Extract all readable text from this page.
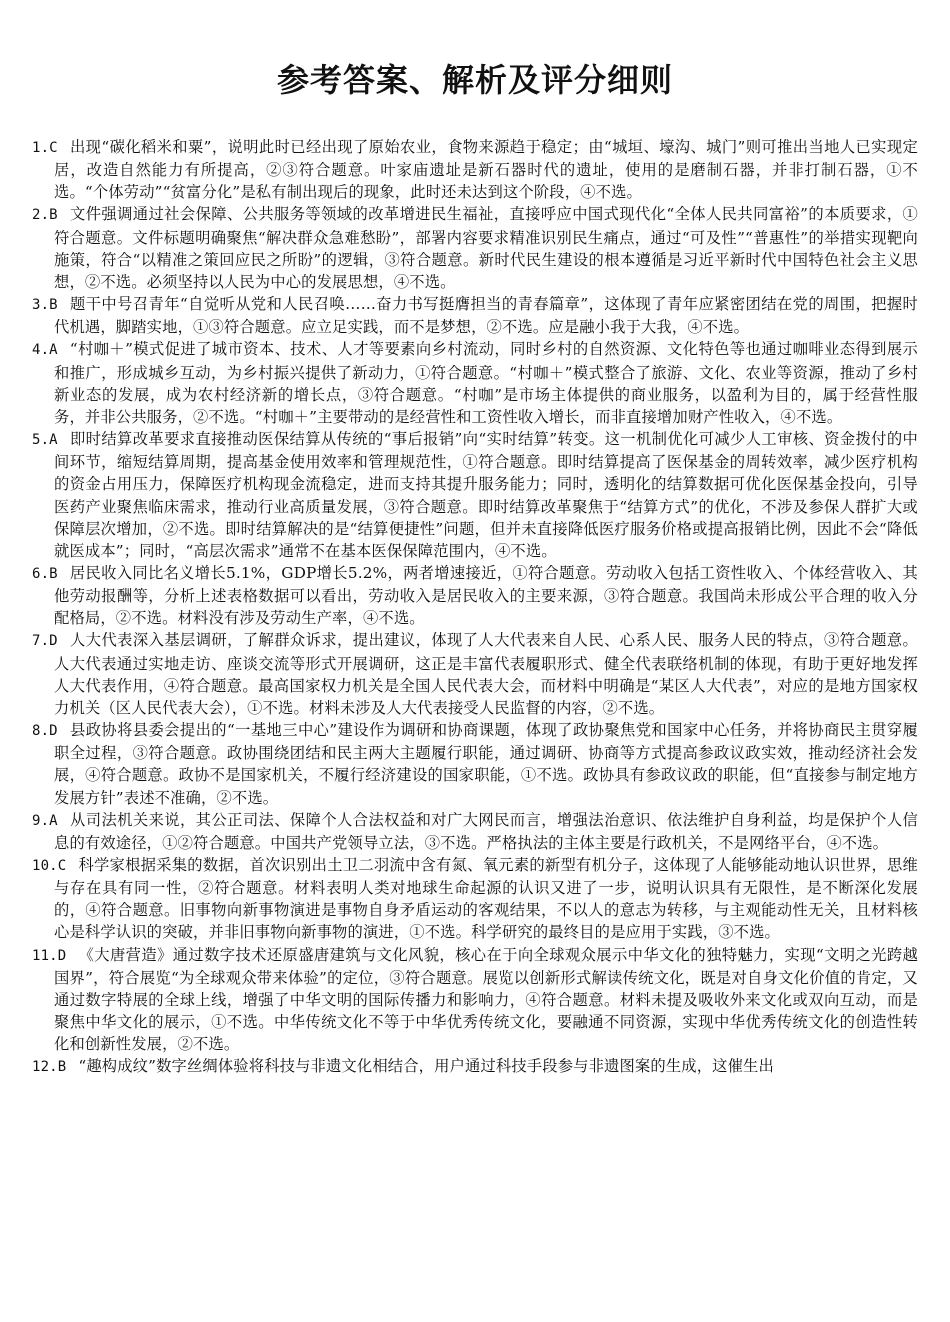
参考答案、解析及评分细则
1.C 出现“碳化稻米和粟”，说明此时已经出现了原始农业，食物来源趋于稳定；由“城垣、壕沟、城门”则可推出当地人已实现定居，改造自然能力有所提高，②③符合题意。叶家庙遗址是新石器时代的遗址，使用的是磨制石器，并非打制石器，①不选。“个体劳动”“贫富分化”是私有制出现后的现象，此时还未达到这个阶段，④不选。
2.B 文件强调通过社会保障、公共服务等领域的改革增进民生福祉，直接呼应中国式现代化“全体人民共同富裕”的本质要求，①符合题意。文件标题明确聚焦“解决群众急难愁盼”，部署内容要求精准识别民生痛点，通过“可及性”“普惠性”的举措实现靶向施策，符合“以精准之策回应民之所盼”的逻辑，③符合题意。新时代民生建设的根本遵循是习近平新时代中国特色社会主义思想，②不选。必须坚持以人民为中心的发展思想，④不选。
3.B 题干中号召青年“自觉听从党和人民召唤……奋力书写挺膺担当的青春篇章”，这体现了青年应紧密团结在党的周围，把握时代机遇，脚踏实地，①③符合题意。应立足实践，而不是梦想，②不选。应是融小我于大我，④不选。
4.A “村咖＋”模式促进了城市资本、技术、人才等要素向乡村流动，同时乡村的自然资源、文化特色等也通过咖啡业态得到展示和推广，形成城乡互动，为乡村振兴提供了新动力，①符合题意。“村咖＋”模式整合了旅游、文化、农业等资源，推动了乡村新业态的发展，成为农村经济新的增长点，③符合题意。“村咖”是市场主体提供的商业服务，以盈利为目的，属于经营性服务，并非公共服务，②不选。“村咖＋”主要带动的是经营性和工资性收入增长，而非直接增加财产性收入，④不选。
5.A 即时结算改革要求直接推动医保结算从传统的“事后报销”向“实时结算”转变。这一机制优化可减少人工审核、资金拨付的中间环节，缩短结算周期，提高基金使用效率和管理规范性，①符合题意。即时结算提高了医保基金的周转效率，减少医疗机构的资金占用压力，保障医疗机构现金流稳定，进而支持其提升服务能力；同时，透明化的结算数据可优化医保基金投向，引导医药产业聚焦临床需求，推动行业高质量发展，③符合题意。即时结算改革聚焦于“结算方式”的优化，不涉及参保人群扩大或保障层次增加，②不选。即时结算解决的是“结算便捷性”问题，但并未直接降低医疗服务价格或提高报销比例，因此不会“降低就医成本”；同时，“高层次需求”通常不在基本医保保障范围内，④不选。
6.B 居民收入同比名义增长5.1%，GDP增长5.2%，两者增速接近，①符合题意。劳动收入包括工资性收入、个体经营收入、其他劳动报酬等，分析上述表格数据可以看出，劳动收入是居民收入的主要来源，③符合题意。我国尚未形成公平合理的收入分配格局，②不选。材料没有涉及劳动生产率，④不选。
7.D 人大代表深入基层调研，了解群众诉求，提出建议，体现了人大代表来自人民、心系人民、服务人民的特点，③符合题意。人大代表通过实地走访、座谈交流等形式开展调研，这正是丰富代表履职形式、健全代表联络机制的体现，有助于更好地发挥人大代表作用，④符合题意。最高国家权力机关是全国人民代表大会，而材料中明确是“某区人大代表”，对应的是地方国家权力机关（区人民代表大会），①不选。材料未涉及人大代表接受人民监督的内容，②不选。
8.D 县政协将县委会提出的“一基地三中心”建设作为调研和协商课题，体现了政协聚焦党和国家中心任务，并将协商民主贯穿履职全过程，③符合题意。政协围绕团结和民主两大主题履行职能，通过调研、协商等方式提高参政议政实效，推动经济社会发展，④符合题意。政协不是国家机关，不履行经济建设的国家职能，①不选。政协具有参政议政的职能，但“直接参与制定地方发展方针”表述不准确，②不选。
9.A 从司法机关来说，其公正司法、保障个人合法权益和对广大网民而言，增强法治意识、依法维护自身利益，均是保护个人信息的有效途径，①②符合题意。中国共产党领导立法，③不选。严格执法的主体主要是行政机关，不是网络平台，④不选。
10.C 科学家根据采集的数据，首次识别出土卫二羽流中含有氮、氧元素的新型有机分子，这体现了人能够能动地认识世界，思维与存在具有同一性，②符合题意。材料表明人类对地球生命起源的认识又进了一步，说明认识具有无限性，是不断深化发展的，④符合题意。旧事物向新事物演进是事物自身矛盾运动的客观结果，不以人的意志为转移，与主观能动性无关，且材料核心是科学认识的突破，并非旧事物向新事物的演进，①不选。科学研究的最终目的是应用于实践，③不选。
11.D 《大唐营造》通过数字技术还原盛唐建筑与文化风貌，核心在于向全球观众展示中华文化的独特魅力，实现“文明之光跨越国界”，符合展览“为全球观众带来体验”的定位，③符合题意。展览以创新形式解读传统文化，既是对自身文化价值的肯定，又通过数字特展的全球上线，增强了中华文明的国际传播力和影响力，④符合题意。材料未提及吸收外来文化或双向互动，而是聚焦中华文化的展示，①不选。中华传统文化不等于中华优秀传统文化，要融通不同资源，实现中华优秀传统文化的创造性转化和创新性发展，②不选。
12.B “趣构成纹”数字丝绸体验将科技与非遗文化相结合，用户通过科技手段参与非遗图案的生成，这催生出
